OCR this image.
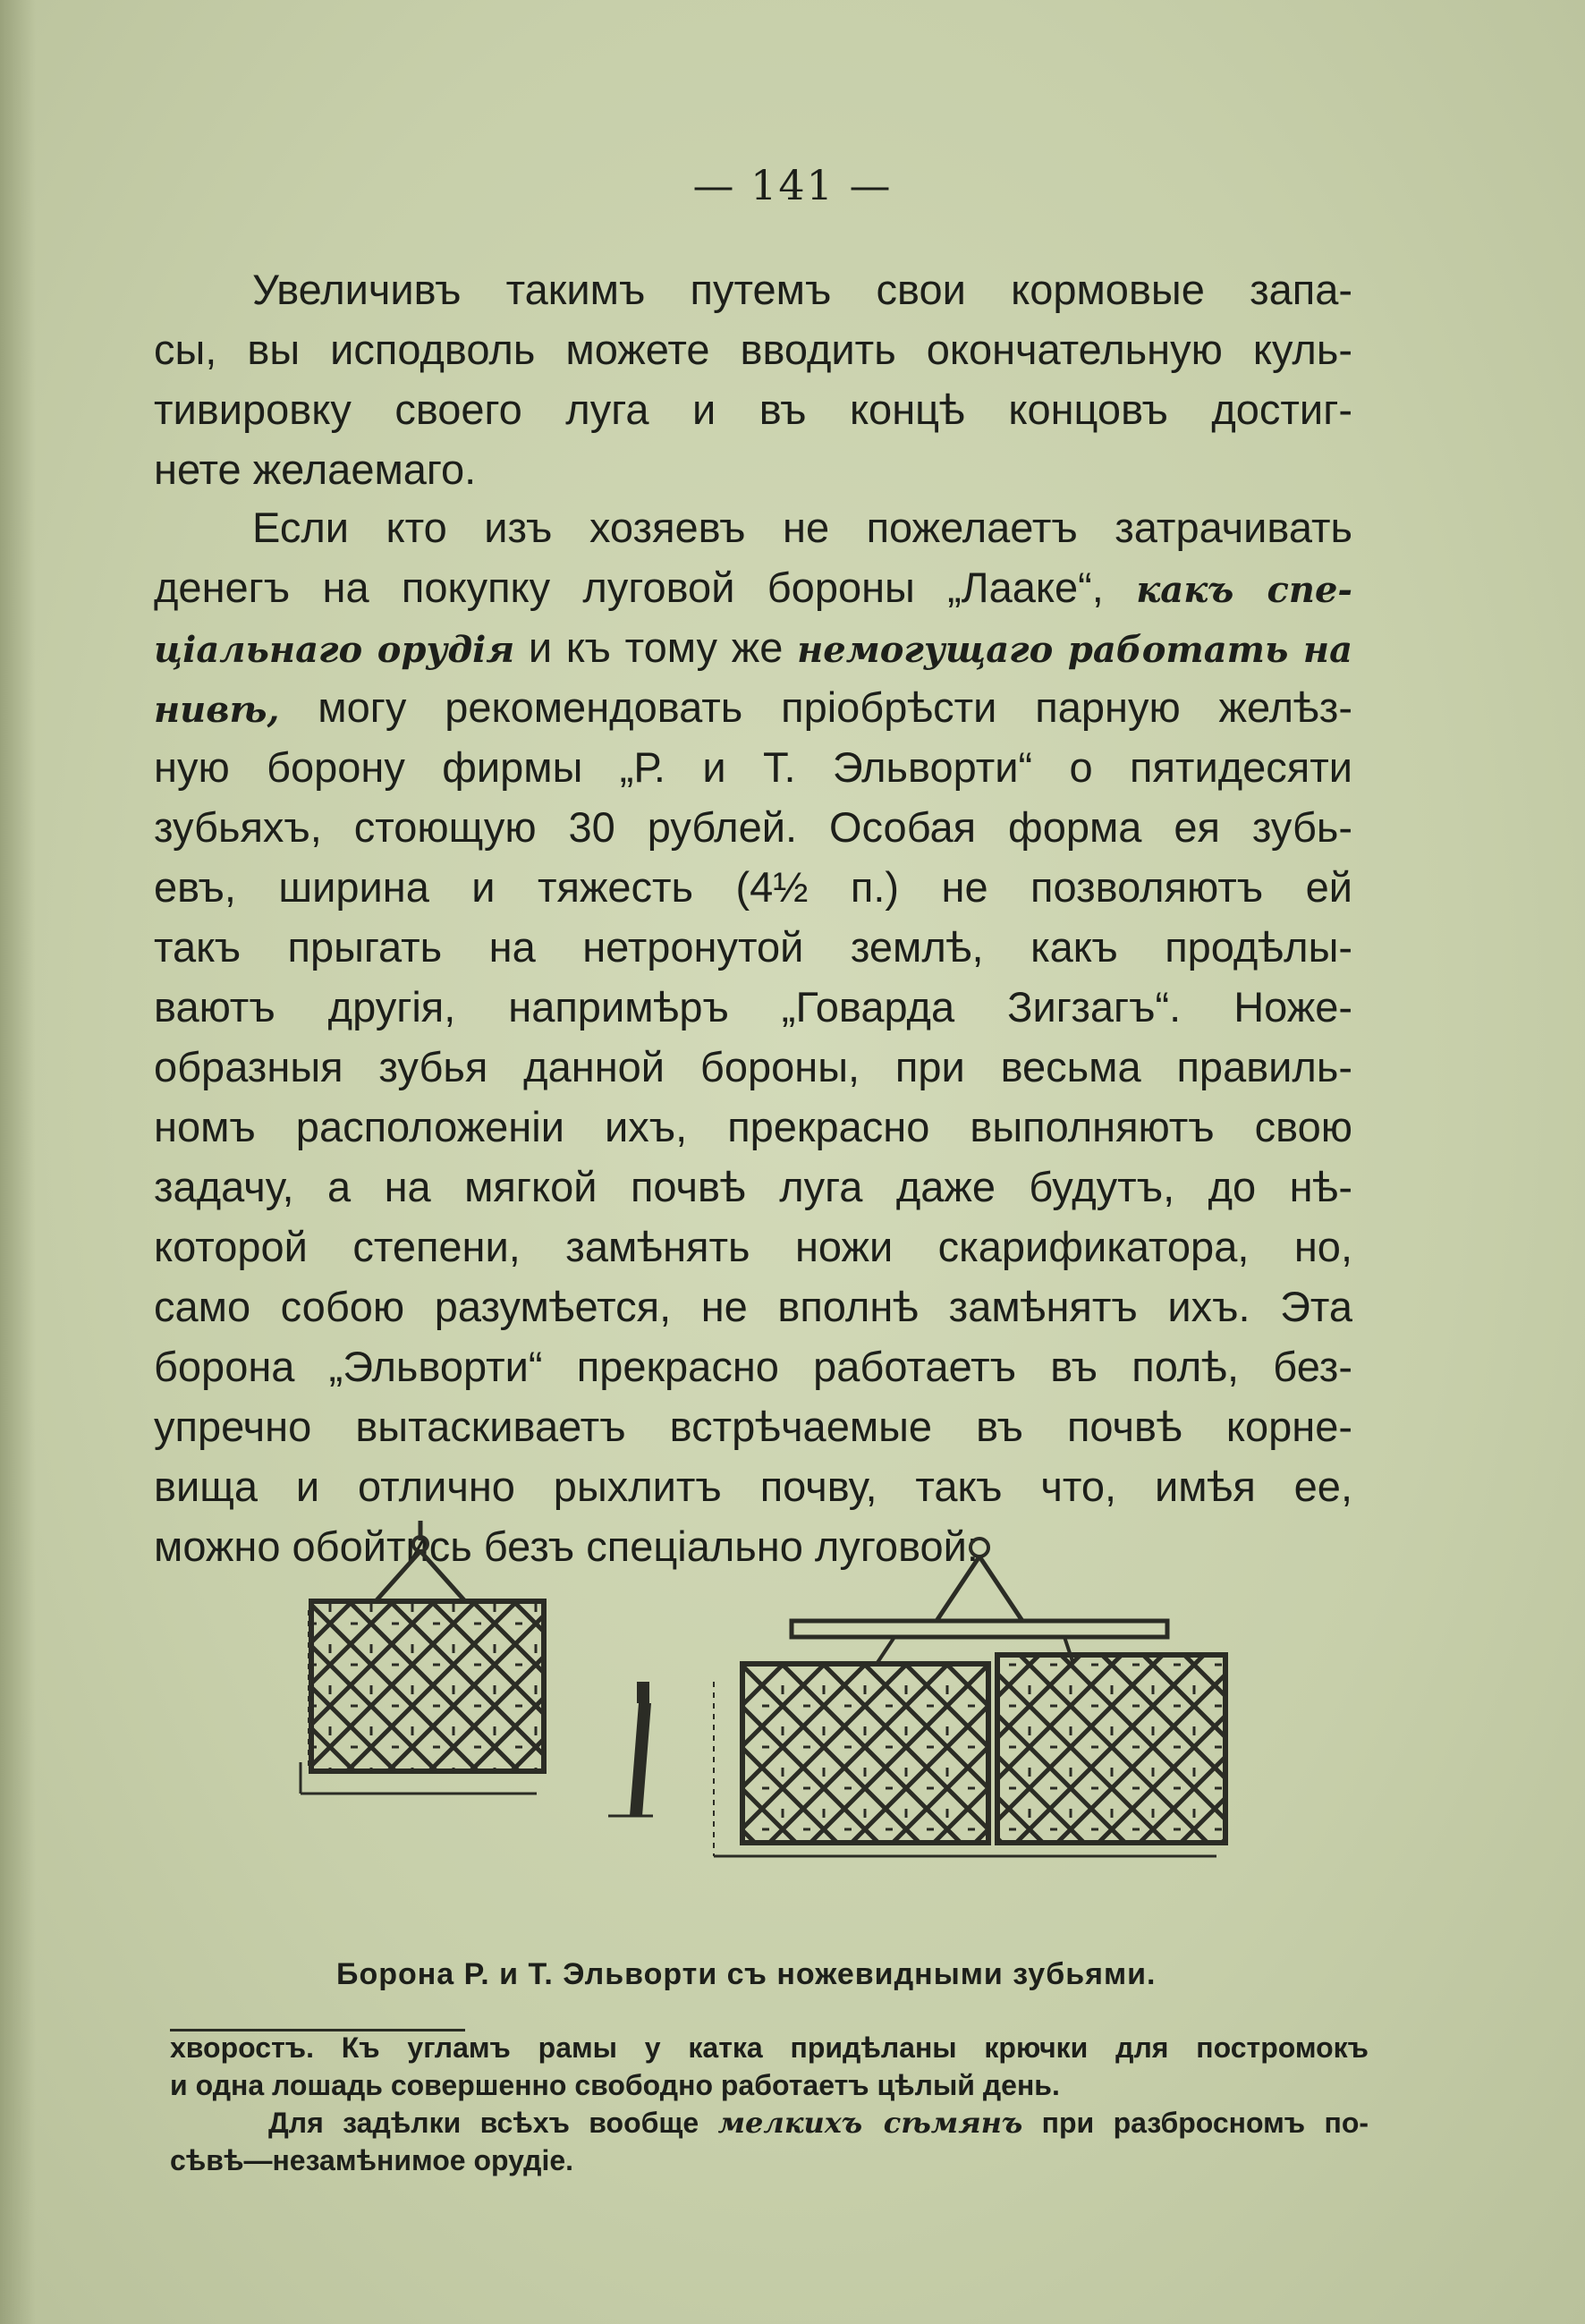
— 141 —
Увеличивъ такимъ путемъ свои кормовые запа-
сы, вы исподволь можете вводить окончательную куль-
тивировку своего луга и въ концѣ концовъ достиг-
нете желаемаго.
Если кто изъ хозяевъ не пожелаетъ затрачивать
денегъ на покупку луговой бороны „Лааке“, какъ спе-
ціальнаго орудія и къ тому же немогущаго работать на
нивѣ, могу рекомендовать пріобрѣсти парную желѣз-
ную борону фирмы „Р. и Т. Эльворти“ о пятидесяти
зубьяхъ, стоющую 30 рублей. Особая форма ея зубь-
евъ, ширина и тяжесть (4½ п.) не позволяютъ ей
такъ прыгать на нетронутой землѣ, какъ продѣлы-
ваютъ другія, напримѣръ „Говарда Зигзагъ“. Ноже-
образныя зубья данной бороны, при весьма правиль-
номъ расположеніи ихъ, прекрасно выполняютъ свою
задачу, а на мягкой почвѣ луга даже будутъ, до нѣ-
которой степени, замѣнять ножи скарификатора, но,
само собою разумѣется, не вполнѣ замѣнятъ ихъ. Эта
борона „Эльворти“ прекрасно работаетъ въ полѣ, без-
упречно вытаскиваетъ встрѣчаемые въ почвѣ корне-
вища и отлично рыхлитъ почву, такъ что, имѣя ее,
можно обойтись безъ спеціально луговой:
Борона Р. и Т. Эльворти съ ножевидными зубьями.
хворостъ. Къ угламъ рамы у катка придѣланы крючки для постромокъ
и одна лошадь совершенно свободно работаетъ цѣлый день.
Для задѣлки всѣхъ вообще мелкихъ сѣмянъ при разбросномъ по-
сѣвѣ—незамѣнимое орудіе.
